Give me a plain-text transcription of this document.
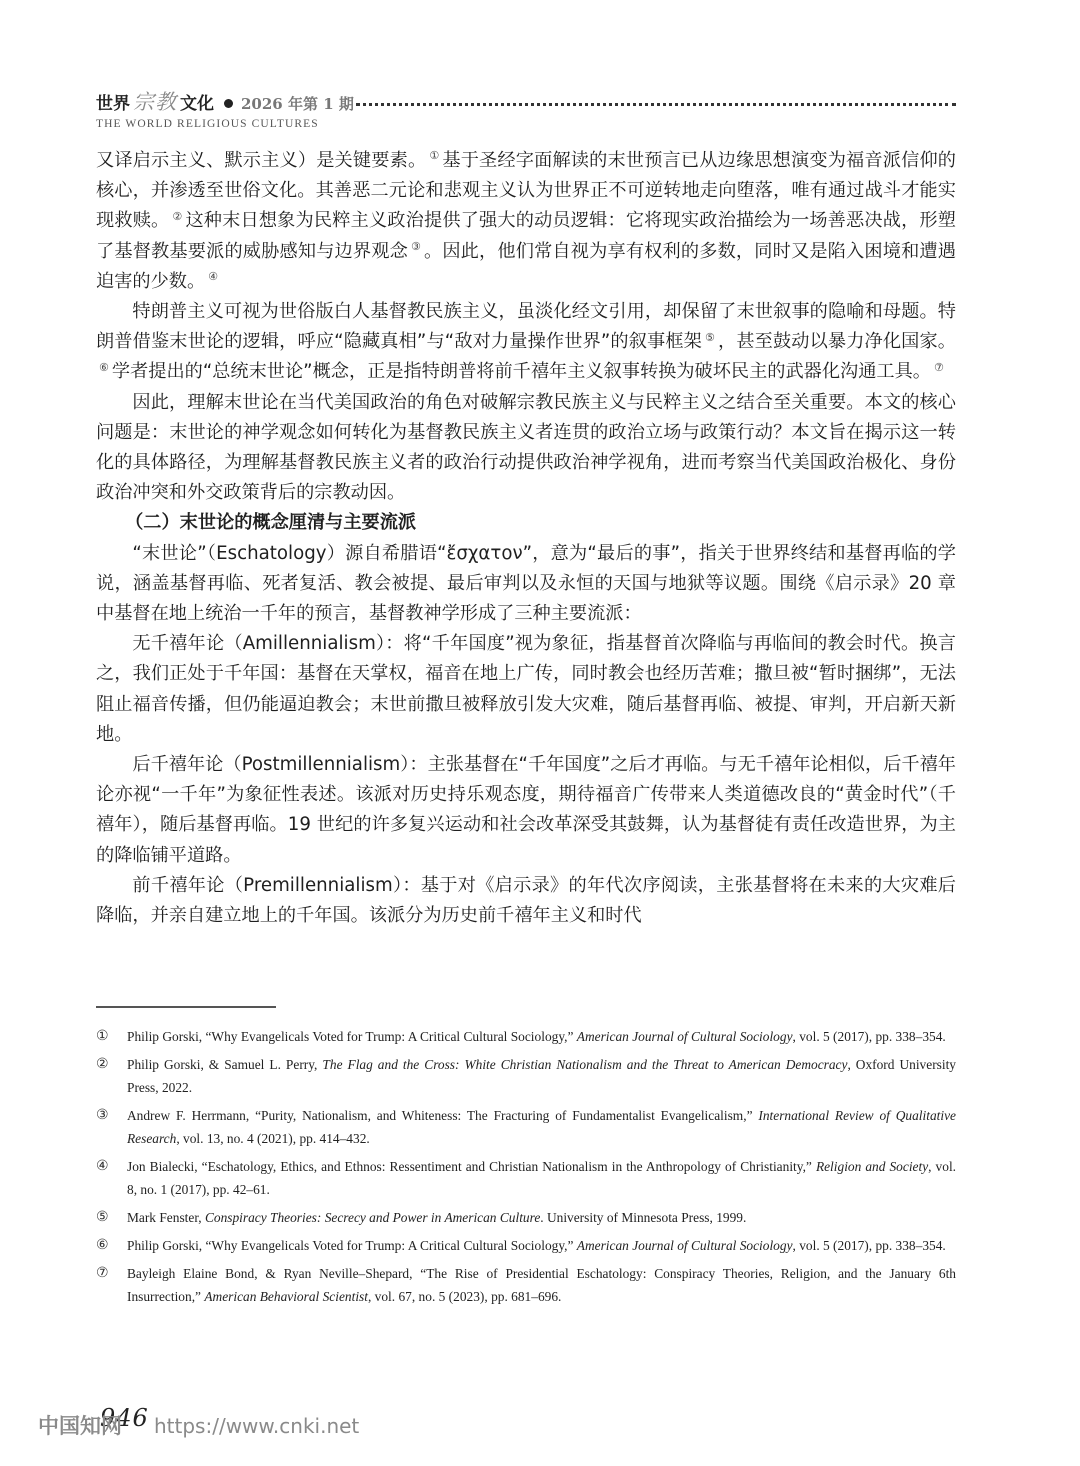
世界 宗教 文化 2026 年第 1 期
THE WORLD RELIGIOUS CULTURES

又译启示主义、默示主义）是关键要素。 ① 基于圣经字面解读的末世预言已从边缘思想演变为福音派信仰的核心，并渗透至世俗文化。其善恶二元论和悲观主义认为世界正不可逆转地走向堕落，唯有通过战斗才能实现救赎。 ② 这种末日想象为民粹主义政治提供了强大的动员逻辑：它将现实政治描绘为一场善恶决战，形塑了基督教基要派的威胁感知与边界观念 ③ 。因此，他们常自视为享有权利的多数，同时又是陷入困境和遭遇迫害的少数。 ④

特朗普主义可视为世俗版白人基督教民族主义，虽淡化经文引用，却保留了末世叙事的隐喻和母题。特朗普借鉴末世论的逻辑，呼应“隐藏真相”与“敌对力量操作世界”的叙事框架 ⑤ ，甚至鼓动以暴力净化国家。⑥ 学者提出的“总统末世论”概念，正是指特朗普将前千禧年主义叙事转换为破坏民主的武器化沟通工具。 ⑦

因此，理解末世论在当代美国政治的角色对破解宗教民族主义与民粹主义之结合至关重要。本文的核心问题是：末世论的神学观念如何转化为基督教民族主义者连贯的政治立场与政策行动？本文旨在揭示这一转化的具体路径，为理解基督教民族主义者的政治行动提供政治神学视角，进而考察当代美国政治极化、身份政治冲突和外交政策背后的宗教动因。

（二）末世论的概念厘清与主要流派

“末世论”（Eschatology）源自希腊语“ἔσχατον”，意为“最后的事”，指关于世界终结和基督再临的学说，涵盖基督再临、死者复活、教会被提、最后审判以及永恒的天国与地狱等议题。围绕《启示录》20 章中基督在地上统治一千年的预言，基督教神学形成了三种主要流派：

无千禧年论（Amillennialism）：将“千年国度”视为象征，指基督首次降临与再临间的教会时代。换言之，我们正处于千年国：基督在天掌权，福音在地上广传，同时教会也经历苦难；撒旦被“暂时捆绑”，无法阻止福音传播，但仍能逼迫教会；末世前撒旦被释放引发大灾难，随后基督再临、被提、审判，开启新天新地。

后千禧年论（Postmillennialism）：主张基督在“千年国度”之后才再临。与无千禧年论相似，后千禧年论亦视“一千年”为象征性表述。该派对历史持乐观态度，期待福音广传带来人类道德改良的“黄金时代”（千禧年），随后基督再临。19 世纪的许多复兴运动和社会改革深受其鼓舞，认为基督徒有责任改造世界，为主的降临铺平道路。

前千禧年论（Premillennialism）：基于对《启示录》的年代次序阅读，主张基督将在未来的大灾难后降临，并亲自建立地上的千年国。该派分为历史前千禧年主义和时代

①	Philip Gorski, “Why Evangelicals Voted for Trump: A Critical Cultural Sociology,” American Journal of Cultural Sociology, vol. 5 (2017), pp. 338–354.
②	Philip Gorski, & Samuel L. Perry, The Flag and the Cross: White Christian Nationalism and the Threat to American Democracy, Oxford University Press, 2022.
③	Andrew F. Herrmann, “Purity, Nationalism, and Whiteness: The Fracturing of Fundamentalist Evangelicalism,” International Review of Qualitative Research, vol. 13, no. 4 (2021), pp. 414–432.
④	Jon Bialecki, “Eschatology, Ethics, and Ethnos: Ressentiment and Christian Nationalism in the Anthropology of Christianity,” Religion and Society, vol. 8, no. 1 (2017), pp. 42–61.
⑤	Mark Fenster, Conspiracy Theories: Secrecy and Power in American Culture. University of Minnesota Press, 1999.
⑥	Philip Gorski, “Why Evangelicals Voted for Trump: A Critical Cultural Sociology,” American Journal of Cultural Sociology, vol. 5 (2017), pp. 338–354.
⑦	Bayleigh Elaine Bond, & Ryan Neville–Shepard, “The Rise of Presidential Eschatology: Conspiracy Theories, Religion, and the January 6th Insurrection,” American Behavioral Scientist, vol. 67, no. 5 (2023), pp. 681–696.
946
中国知网 https://www.cnki.net
